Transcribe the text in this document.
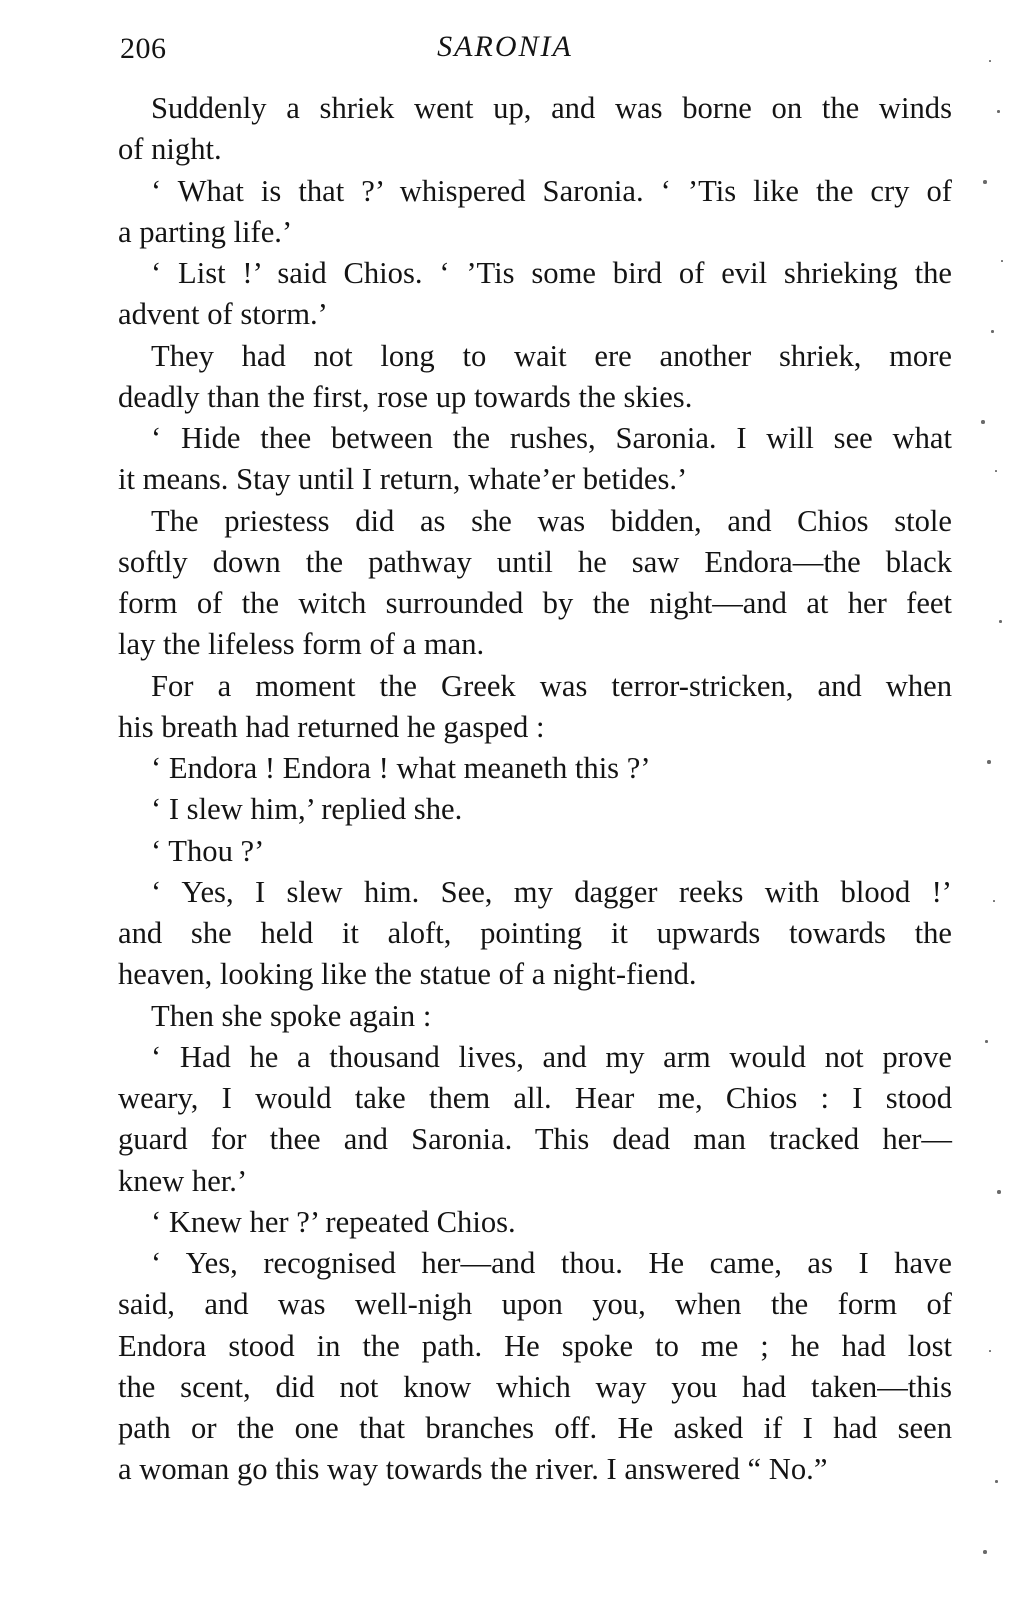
206	SARONIA

Suddenly a shriek went up, and was borne on the winds
of night.

‘ What is that ?’ whispered Saronia. ‘ ’Tis like the cry of
a parting life.’

‘ List !’ said Chios. ‘ ’Tis some bird of evil shrieking the
advent of storm.’

They had not long to wait ere another shriek, more
deadly than the first, rose up towards the skies.

‘ Hide thee between the rushes, Saronia. I will see what
it means. Stay until I return, whate’er betides.’

The priestess did as she was bidden, and Chios stole
softly down the pathway until he saw Endora—the black
form of the witch surrounded by the night—and at her feet
lay the lifeless form of a man.

For a moment the Greek was terror-stricken, and when
his breath had returned he gasped :

‘ Endora ! Endora ! what meaneth this ?’

‘ I slew him,’ replied she.

‘ Thou ?’

‘ Yes, I slew him. See, my dagger reeks with blood !’
and she held it aloft, pointing it upwards towards the
heaven, looking like the statue of a night-fiend.

Then she spoke again :

‘ Had he a thousand lives, and my arm would not prove
weary, I would take them all. Hear me, Chios : I stood
guard for thee and Saronia. This dead man tracked her—
knew her.’

‘ Knew her ?’ repeated Chios.

‘ Yes, recognised her—and thou. He came, as I have
said, and was well-nigh upon you, when the form of
Endora stood in the path. He spoke to me ; he had lost
the scent, did not know which way you had taken—this
path or the one that branches off. He asked if I had seen
a woman go this way towards the river. I answered “ No.”
